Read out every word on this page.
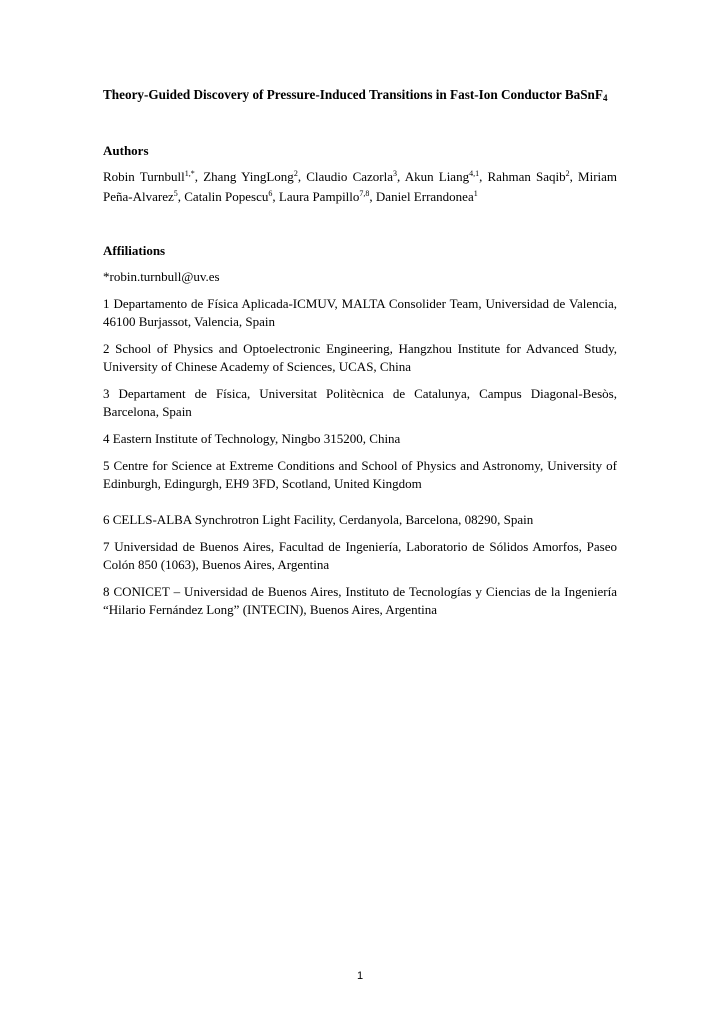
Theory-Guided Discovery of Pressure-Induced Transitions in Fast-Ion Conductor BaSnF$_4$

Authors

Robin Turnbull$^{1,*}$, Zhang YingLong$^2$, Claudio Cazorla$^3$, Akun Liang$^{4,1}$, Rahman Saqib$^2$, Miriam Peña-Alvarez$^5$, Catalin Popescu$^6$, Laura Pampillo$^{7,8}$, Daniel Errandonea$^1$

Affiliations

*robin.turnbull@uv.es

1 Departamento de Física Aplicada-ICMUV, MALTA Consolider Team, Universidad de Valencia, 46100 Burjassot, Valencia, Spain

2 School of Physics and Optoelectronic Engineering, Hangzhou Institute for Advanced Study, University of Chinese Academy of Sciences, UCAS, China

3 Departament de Física, Universitat Politècnica de Catalunya, Campus Diagonal-Besòs, Barcelona, Spain

4 Eastern Institute of Technology, Ningbo 315200, China

5 Centre for Science at Extreme Conditions and School of Physics and Astronomy, University of Edinburgh, Edingurgh, EH9 3FD, Scotland, United Kingdom

6 CELLS-ALBA Synchrotron Light Facility, Cerdanyola, Barcelona, 08290, Spain

7 Universidad de Buenos Aires, Facultad de Ingeniería, Laboratorio de Sólidos Amorfos, Paseo Colón 850 (1063), Buenos Aires, Argentina

8 CONICET – Universidad de Buenos Aires, Instituto de Tecnologías y Ciencias de la Ingeniería “Hilario Fernández Long” (INTECIN), Buenos Aires, Argentina

1
